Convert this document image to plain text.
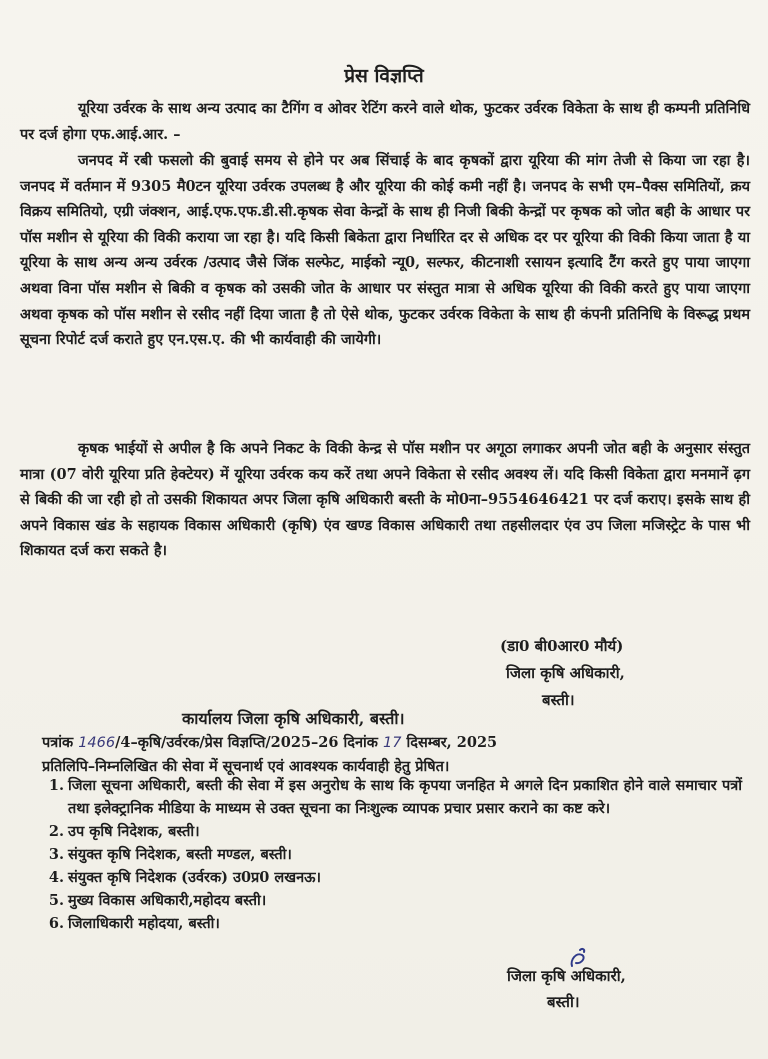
प्रेस विज्ञप्ति

यूरिया उर्वरक के साथ अन्य उत्पाद का टैगिंग व ओवर रेटिंग करने वाले थोक, फुटकर उर्वरक विकेता के साथ ही कम्पनी प्रतिनिधि पर दर्ज होगा एफ.आई.आर. –

जनपद में रबी फसलो की बुवाई समय से होने पर अब सिंचाई के बाद कृषकों द्वारा यूरिया की मांग तेजी से किया जा रहा है। जनपद में वर्तमान में 9305 मै0टन यूरिया उर्वरक उपलब्ध है और यूरिया की कोई कमी नहीं है। जनपद के सभी एम–पैक्स समितियों, क्रय विक्रय समितियो, एग्री जंक्शन, आई.एफ.एफ.डी.सी.कृषक सेवा केन्द्रों के साथ ही निजी बिकी केन्द्रों पर कृषक को जोत बही के आधार पर पॉस मशीन से यूरिया की विकी कराया जा रहा है। यदि किसी बिकेता द्वारा निर्धारित दर से अधिक दर पर यूरिया की विकी किया जाता है या यूरिया के साथ अन्य अन्य उर्वरक /उत्पाद जैसे जिंक सल्फेट, माईको न्यू0, सल्फर, कीटनाशी रसायन इत्यादि टैंग करते हुए पाया जाएगा अथवा विना पॉस मशीन से बिकी व कृषक को उसकी जोत के आधार पर संस्तुत मात्रा से अधिक यूरिया की विकी करते हुए पाया जाएगा अथवा कृषक को पॉस मशीन से रसीद नहीं दिया जाता है तो ऐसे थोक, फुटकर उर्वरक विकेता के साथ ही कंपनी प्रतिनिधि के विरूद्ध प्रथम सूचना रिपोर्ट दर्ज कराते हुए एन.एस.ए. की भी कार्यवाही की जायेगी।

कृषक भाईयों से अपील है कि अपने निकट के विकी केन्द्र से पॉस मशीन पर अगूठा लगाकर अपनी जोत बही के अनुसार संस्तुत मात्रा (07 वोरी यूरिया प्रति हेक्टेयर) में यूरिया उर्वरक कय करें तथा अपने विकेता से रसीद अवश्य लें। यदि किसी विकेता द्वारा मनमानें ढ़ग से बिकी की जा रही हो तो उसकी शिकायत अपर जिला कृषि अधिकारी बस्ती के मो0ना–9554646421 पर दर्ज कराए। इसके साथ ही अपने विकास खंड के सहायक विकास अधिकारी (कृषि) एंव खण्ड विकास अधिकारी तथा तहसीलदार एंव उप जिला मजिस्ट्रेट के पास भी शिकायत दर्ज करा सकते है।

(डा0 बी0आर0 मौर्य)
जिला कृषि अधिकारी,
बस्ती।
कार्यालय जिला कृषि अधिकारी, बस्ती।
पत्रांक 1466/4–कृषि/उर्वरक/प्रेस विज्ञप्ति/2025–26 दिनांक 17 दिसम्बर, 2025
प्रतिलिपि–निम्नलिखित की सेवा में सूचनार्थ एवं आवश्यक कार्यवाही हेतु प्रेषित।
1. जिला सूचना अधिकारी, बस्ती की सेवा में इस अनुरोध के साथ कि कृपया जनहित मे अगले दिन प्रकाशित होने वाले समाचार पत्रों तथा इलेक्ट्रानिक मीडिया के माध्यम से उक्त सूचना का निःशुल्क व्यापक प्रचार प्रसार कराने का कष्ट करे।
2. उप कृषि निदेशक, बस्ती।
3. संयुक्त कृषि निदेशक, बस्ती मण्डल, बस्ती।
4. संयुक्त कृषि निदेशक (उर्वरक) उ0प्र0 लखनऊ।
5. मुख्य विकास अधिकारी,महोदय बस्ती।
6. जिलाधिकारी महोदया, बस्ती।
जिला कृषि अधिकारी,
बस्ती।
